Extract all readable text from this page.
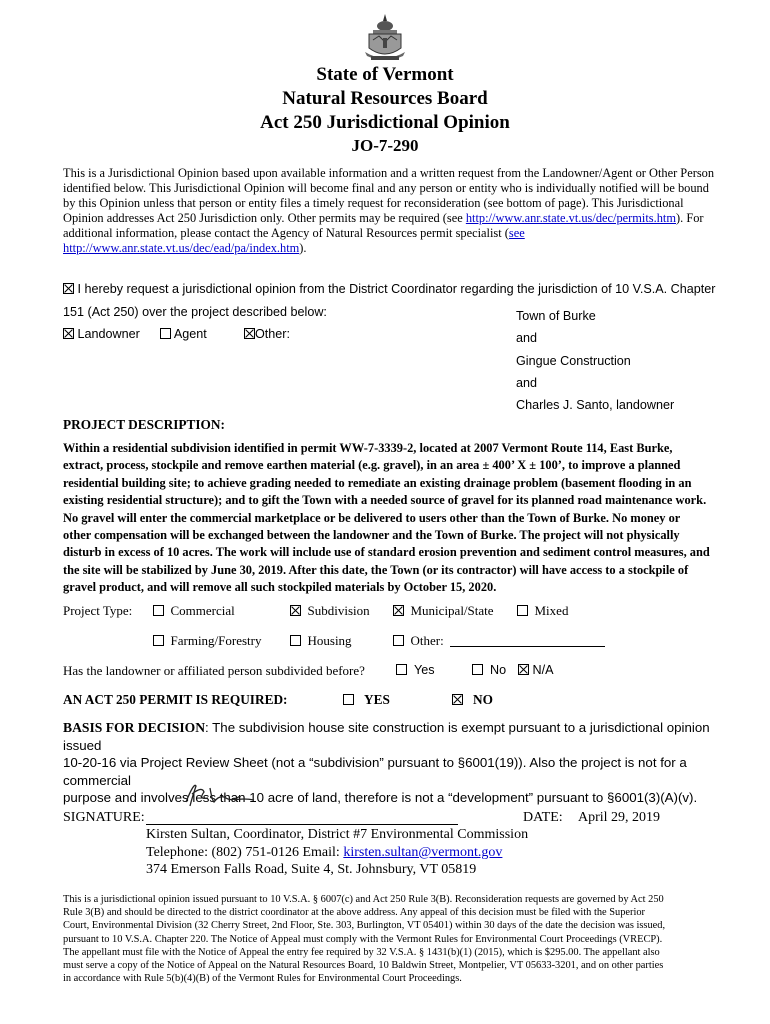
State of Vermont
Natural Resources Board
Act 250 Jurisdictional Opinion
JO-7-290
This is a Jurisdictional Opinion based upon available information and a written request from the Landowner/Agent or Other Person
identified below. This Jurisdictional Opinion will become final and any person or entity who is individually notified will be bound
by this Opinion unless that person or entity files a timely request for reconsideration (see bottom of page). This Jurisdictional
Opinion addresses Act 250 Jurisdiction only. Other permits may be required (see http://www.anr.state.vt.us/dec/permits.htm). For
additional information, please contact the Agency of Natural Resources permit specialist (see
http://www.anr.state.vt.us/dec/ead/pa/index.htm).
I hereby request a jurisdictional opinion from the District Coordinator regarding the jurisdiction of 10 V.S.A. Chapter
151 (Act 250) over the project described below:
Landowner	Agent	Other:
Town of Burke
and
Gingue Construction
and
Charles J. Santo, landowner
PROJECT DESCRIPTION:
Within a residential subdivision identified in permit WW-7-3339-2, located at 2007 Vermont Route 114, East Burke,
extract, process, stockpile and remove earthen material (e.g. gravel), in an area ± 400’ X ± 100’, to improve a planned
residential building site; to achieve grading needed to remediate an existing drainage problem (basement flooding in an
existing residential structure); and to gift the Town with a needed source of gravel for its planned road maintenance work.
No gravel will enter the commercial marketplace or be delivered to users other than the Town of Burke. No money or
other compensation will be exchanged between the landowner and the Town of Burke. The project will not physically
disturb in excess of 10 acres. The work will include use of standard erosion prevention and sediment control measures, and
the site will be stabilized by June 30, 2019. After this date, the Town (or its contractor) will have access to a stockpile of
gravel product, and will remove all such stockpiled materials by October 15, 2020.
Project Type:	Commercial	Subdivision	Municipal/State	Mixed
Farming/Forestry	Housing	Other:
Has the landowner or affiliated person subdivided before?	Yes	No	N/A
AN ACT 250 PERMIT IS REQUIRED:	YES	NO
BASIS FOR DECISION: The subdivision house site construction is exempt pursuant to a jurisdictional opinion issued
10-20-16 via Project Review Sheet (not a “subdivision” pursuant to §6001(19)). Also the project is not for a commercial
purpose and involves less than 10 acre of land, therefore is not a “development” pursuant to §6001(3)(A)(v).
SIGNATURE:	DATE: April 29, 2019
Kirsten Sultan, Coordinator, District #7 Environmental Commission
Telephone: (802) 751-0126 Email: kirsten.sultan@vermont.gov
374 Emerson Falls Road, Suite 4, St. Johnsbury, VT 05819
This is a jurisdictional opinion issued pursuant to 10 V.S.A. § 6007(c) and Act 250 Rule 3(B). Reconsideration requests are governed by Act 250
Rule 3(B) and should be directed to the district coordinator at the above address. Any appeal of this decision must be filed with the Superior
Court, Environmental Division (32 Cherry Street, 2nd Floor, Ste. 303, Burlington, VT 05401) within 30 days of the date the decision was issued,
pursuant to 10 V.S.A. Chapter 220. The Notice of Appeal must comply with the Vermont Rules for Environmental Court Proceedings (VRECP).
The appellant must file with the Notice of Appeal the entry fee required by 32 V.S.A. § 1431(b)(1) (2015), which is $295.00. The appellant also
must serve a copy of the Notice of Appeal on the Natural Resources Board, 10 Baldwin Street, Montpelier, VT 05633-3201, and on other parties
in accordance with Rule 5(b)(4)(B) of the Vermont Rules for Environmental Court Proceedings.
